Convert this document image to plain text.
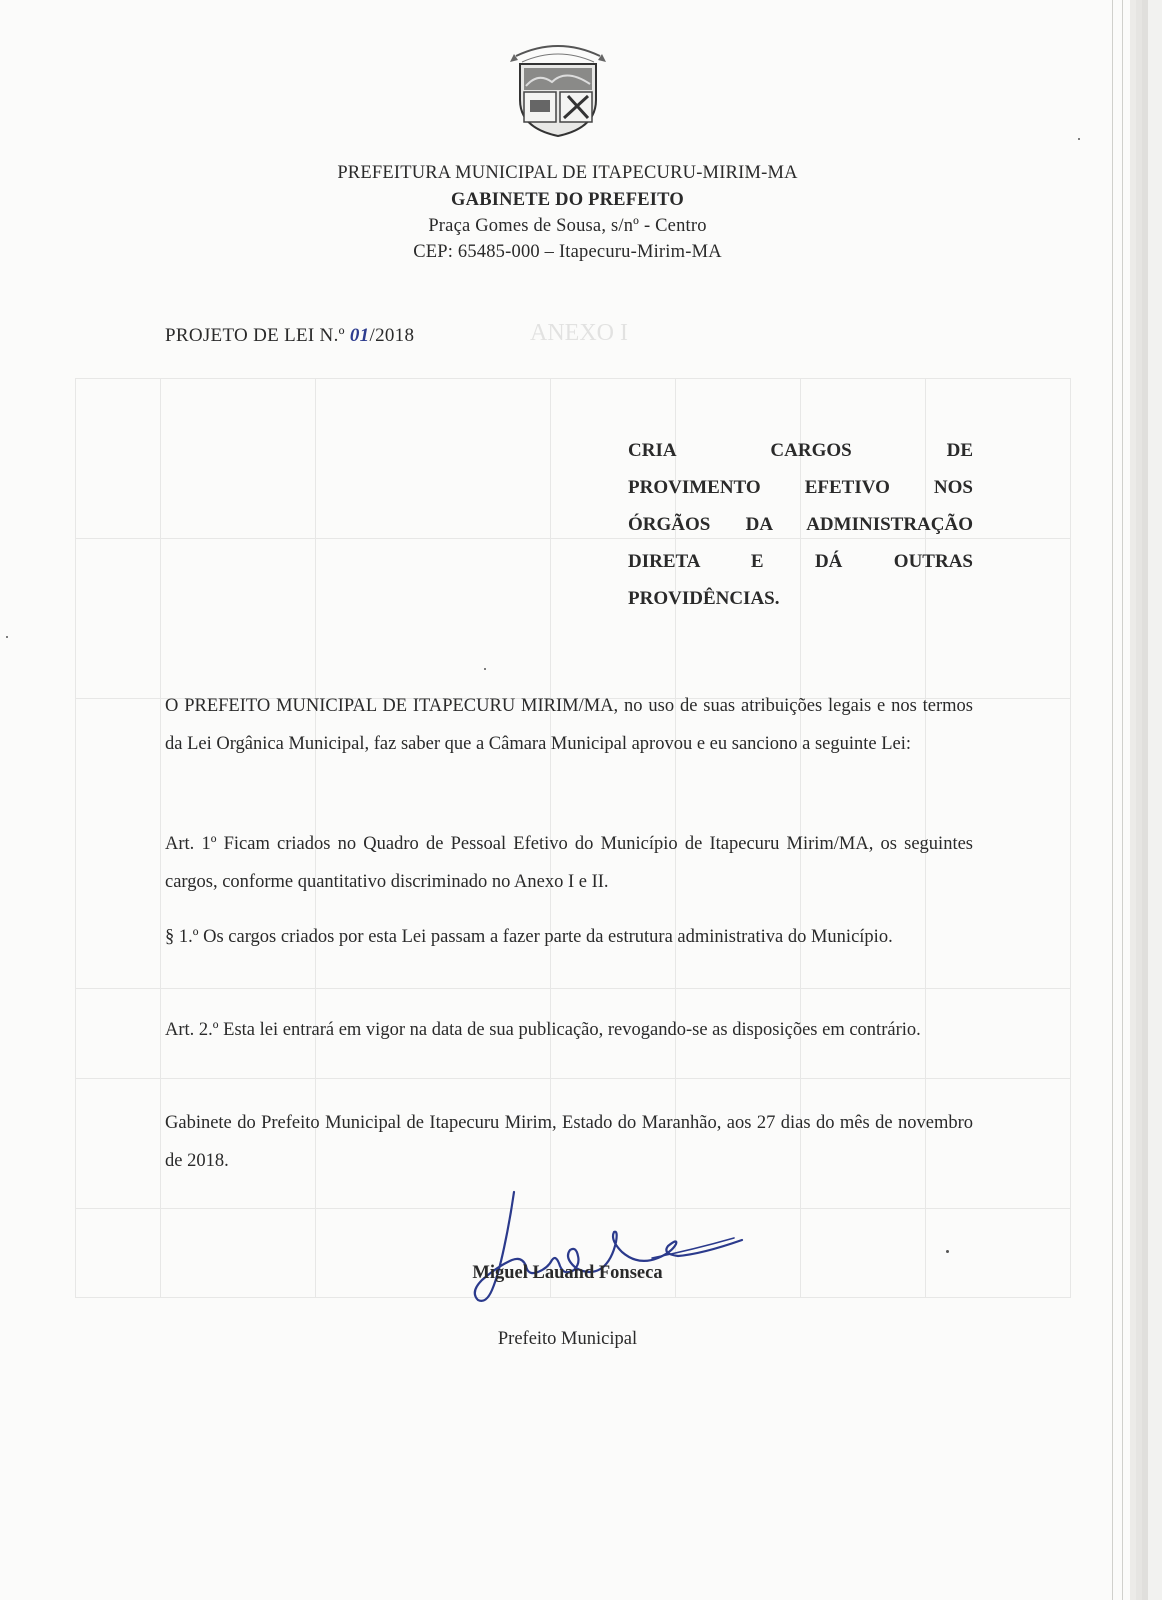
ANEXO I

PREFEITURA MUNICIPAL DE ITAPECURU-MIRIM-MA
GABINETE DO PREFEITO
Praça Gomes de Sousa, s/nº - Centro
CEP: 65485-000 – Itapecuru-Mirim-MA
PROJETO DE LEI N.º 01/2018
CRIA CARGOS DE
PROVIMENTO EFETIVO NOS
ÓRGÃOS DA ADMINISTRAÇÃO
DIRETA E DÁ OUTRAS
PROVIDÊNCIAS.
O PREFEITO MUNICIPAL DE ITAPECURU MIRIM/MA, no uso de suas atribuições legais e nos termos da Lei Orgânica Municipal, faz saber que a Câmara Municipal aprovou e eu sanciono a seguinte Lei:
Art. 1º Ficam criados no Quadro de Pessoal Efetivo do Município de Itapecuru Mirim/MA, os seguintes cargos, conforme quantitativo discriminado no Anexo I e II.
§ 1.º Os cargos criados por esta Lei passam a fazer parte da estrutura administrativa do Município.
Art. 2.º Esta lei entrará em vigor na data de sua publicação, revogando-se as disposições em contrário.
Gabinete do Prefeito Municipal de Itapecuru Mirim, Estado do Maranhão, aos 27 dias do mês de novembro de 2018.
Miguel Lauand Fonseca
Prefeito Municipal
